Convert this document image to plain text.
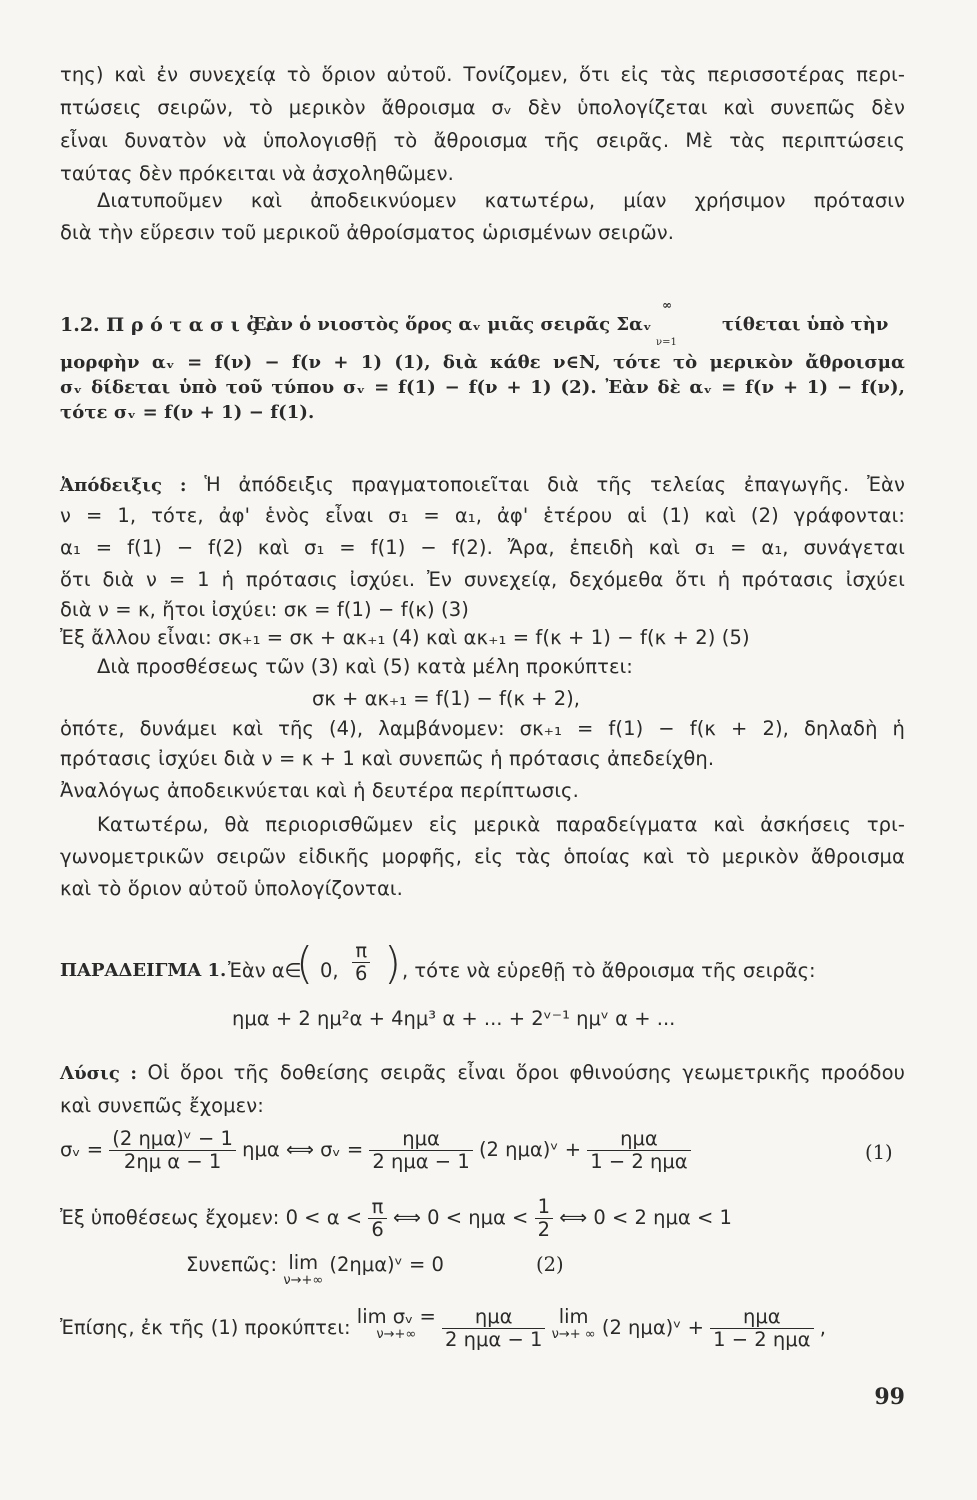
της) καὶ ἐν συνεχείᾳ τὸ ὅριον αὐτοῦ. Τονίζομεν, ὅτι εἰς τὰς περισσοτέρας περι-
πτώσεις σειρῶν, τὸ μερικὸν ἄθροισμα σᵥ δὲν ὑπολογίζεται καὶ συνεπῶς δὲν
εἶναι δυνατὸν νὰ ὑπολογισθῇ τὸ ἄθροισμα τῆς σειρᾶς. Μὲ τὰς περιπτώσεις
ταύτας δὲν πρόκειται νὰ ἀσχοληθῶμεν.
Διατυποῦμεν καὶ ἀποδεικνύομεν κατωτέρω, μίαν χρήσιμον πρότασιν
διὰ τὴν εὕρεσιν τοῦ μερικοῦ ἀθροίσματος ὡρισμένων σειρῶν.
1.2. Π ρ ό τ α σ ι ς .
Ἐὰν ὁ νιοστὸς ὅρος αᵥ μιᾶς σειρᾶς Σαᵥ
∞
ν=1
τίθεται ὑπὸ τὴν
μορφὴν αᵥ = f(ν) − f(ν + 1) (1), διὰ κάθε ν∈N, τότε τὸ μερικὸν ἄθροισμα
σᵥ δίδεται ὑπὸ τοῦ τύπου σᵥ = f(1) − f(ν + 1) (2). Ἐὰν δὲ αᵥ = f(ν + 1) − f(ν),
τότε σᵥ = f(ν + 1) − f(1).
Ἀπόδειξις : Ἡ ἀπόδειξις πραγματοποιεῖται διὰ τῆς τελείας ἐπαγωγῆς. Ἐὰν
ν = 1, τότε, ἀφ' ἑνὸς εἶναι σ₁ = α₁, ἀφ' ἑτέρου αἱ (1) καὶ (2) γράφονται:
α₁ = f(1) − f(2) καὶ σ₁ = f(1) − f(2). Ἄρα, ἐπειδὴ καὶ σ₁ = α₁, συνάγεται
ὅτι διὰ ν = 1 ἡ πρότασις ἰσχύει. Ἐν συνεχείᾳ, δεχόμεθα ὅτι ἡ πρότασις ἰσχύει
διὰ ν = κ, ἤτοι ἰσχύει: σκ = f(1) − f(κ) (3)
Ἐξ ἄλλου εἶναι: σκ₊₁ = σκ + ακ₊₁ (4) καὶ ακ₊₁ = f(κ + 1) − f(κ + 2) (5)
Διὰ προσθέσεως τῶν (3) καὶ (5) κατὰ μέλη προκύπτει:
σκ + ακ₊₁ = f(1) − f(κ + 2),
ὁπότε, δυνάμει καὶ τῆς (4), λαμβάνομεν: σκ₊₁ = f(1) − f(κ + 2), δηλαδὴ ἡ
πρότασις ἰσχύει διὰ ν = κ + 1 καὶ συνεπῶς ἡ πρότασις ἀπεδείχθη.
Ἀναλόγως ἀποδεικνύεται καὶ ἡ δευτέρα περίπτωσις.
Κατωτέρω, θὰ περιορισθῶμεν εἰς μερικὰ παραδείγματα καὶ ἀσκήσεις τρι-
γωνομετρικῶν σειρῶν εἰδικῆς μορφῆς, εἰς τὰς ὁποίας καὶ τὸ μερικὸν ἄθροισμα
καὶ τὸ ὅριον αὐτοῦ ὑπολογίζονται.
ΠΑΡΑΔΕΙΓΜΑ 1. Ἐὰν α∈
( 0, $\frac{\pi}{6}$ ) , τότε νὰ εὑρεθῇ τὸ ἄθροισμα τῆς σειρᾶς:
ημα + 2 ημ²α + 4ημ³ α + ... + 2ᵛ⁻¹ ημᵛ α + ...
Λύσις : Οἱ ὅροι τῆς δοθείσης σειρᾶς εἶναι ὅροι φθινούσης γεωμετρικῆς προόδου
καὶ συνεπῶς ἔχομεν:
σᵥ = $\frac{\text{(2 ημα)ᵛ − 1}}{\text{2ημ α − 1}}$ ημα ⟺ σᵥ = $\frac{\text{ημα}}{\text{2 ημα − 1}} (2$ ημα)ᵛ + $\frac{\text{ημα}}{\text{1 − 2 ημα}}$	(1)
Ἐξ ὑποθέσεως ἔχομεν: $0 < \alpha < \frac{\pi}{6}$ ⟺ $0 < \eta\mu\alpha < \frac{1}{2}$ ⟺ 0 < 2 ημα < 1
Συνεπῶς: lim
ν→+∞
(2ημα)ᵛ = 0	(2)
Ἐπίσης, ἐκ τῆς (1) προκύπτει: lim σᵥ =
ν→+∞
	$\frac{\text{ημα}}{\text{2 ημα − 1}}$ lim
ν→+ ∞ (2 ημα)ᵛ + $\frac{\text{ημα}}{\text{1 − 2 ημα}}$ ,
99
